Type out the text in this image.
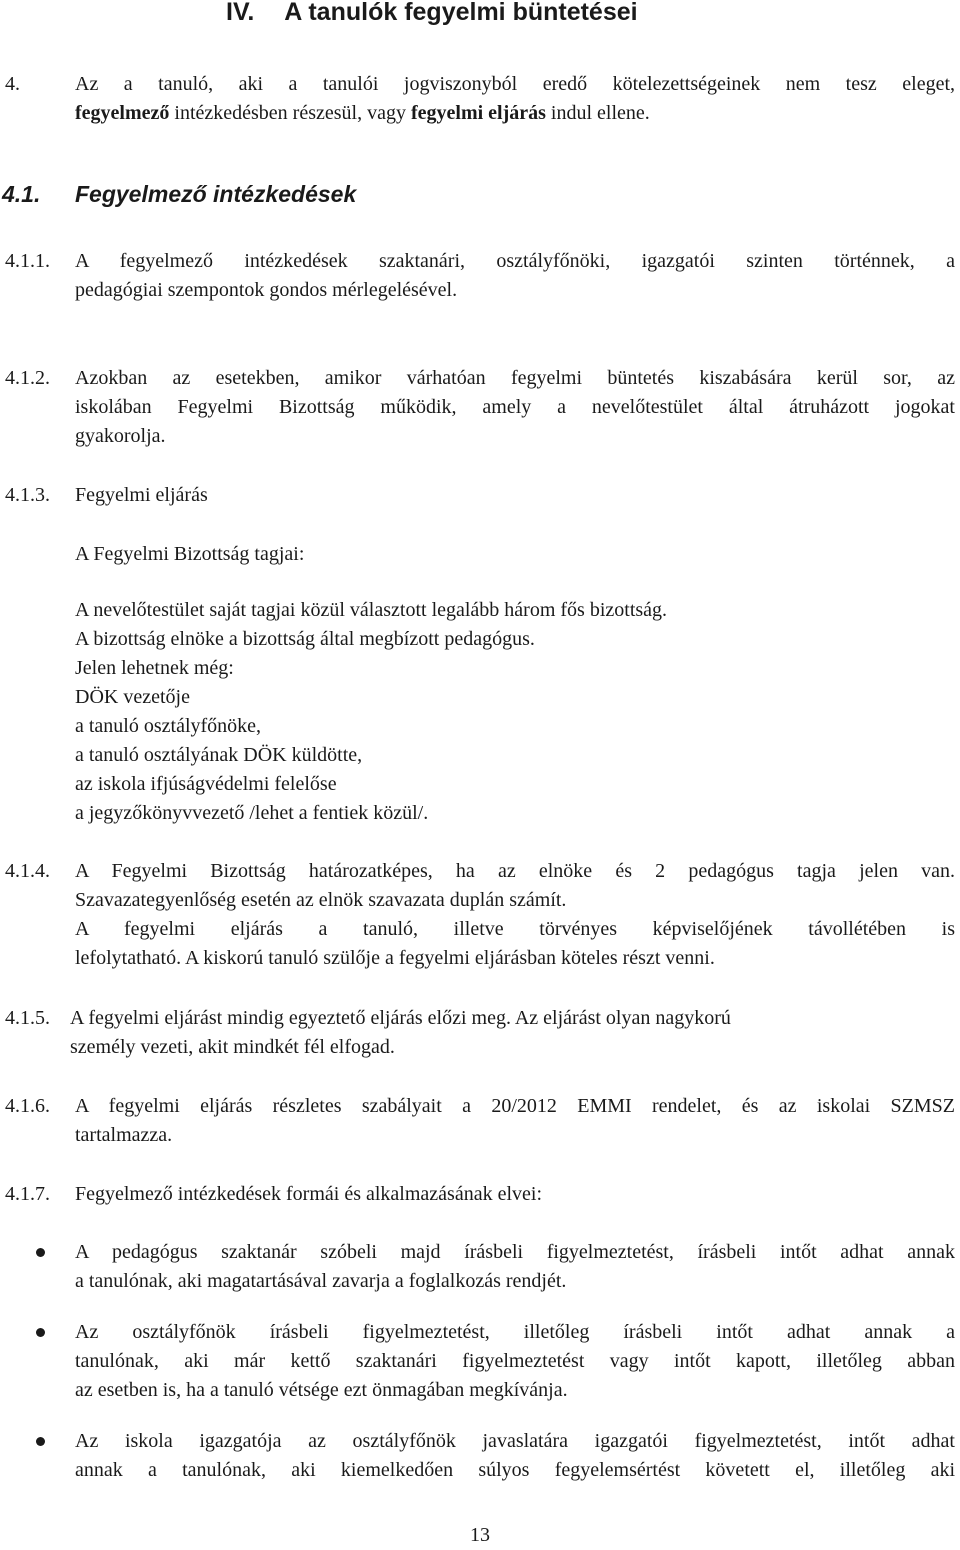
IV. A tanulók fegyelmi büntetései
4.	Az a tanuló, aki a tanulói jogviszonyból eredő kötelezettségeinek nem tesz eleget,
fegyelmező intézkedésben részesül, vagy fegyelmi eljárás indul ellene.
4.1. Fegyelmező intézkedések
4.1.1. A fegyelmező intézkedések szaktanári, osztályfőnöki, igazgatói szinten történnek, a
pedagógiai szempontok gondos mérlegelésével.
4.1.2. Azokban az esetekben, amikor várhatóan fegyelmi büntetés kiszabására kerül sor, az
iskolában Fegyelmi Bizottság működik, amely a nevelőtestület által átruházott jogokat
gyakorolja.
4.1.3. Fegyelmi eljárás
A Fegyelmi Bizottság tagjai:
A nevelőtestület saját tagjai közül választott legalább három fős bizottság.
A bizottság elnöke a bizottság által megbízott pedagógus.
Jelen lehetnek még:
DÖK vezetője
a tanuló osztályfőnöke,
a tanuló osztályának DÖK küldötte,
az iskola ifjúságvédelmi felelőse
a jegyzőkönyvvezető /lehet a fentiek közül/.
4.1.4. A Fegyelmi Bizottság határozatképes, ha az elnöke és 2 pedagógus tagja jelen van.
Szavazategyenlőség esetén az elnök szavazata duplán számít.
A fegyelmi eljárás a tanuló, illetve törvényes képviselőjének távollétében is
lefolytatható. A kiskorú tanuló szülője a fegyelmi eljárásban köteles részt venni.
4.1.5. A fegyelmi eljárást mindig egyeztető eljárás előzi meg. Az eljárást olyan nagykorú
személy vezeti, akit mindkét fél elfogad.
4.1.6. A fegyelmi eljárás részletes szabályait a 20/2012 EMMI rendelet, és az iskolai SZMSZ
tartalmazza.
4.1.7. Fegyelmező intézkedések formái és alkalmazásának elvei:
A pedagógus szaktanár szóbeli majd írásbeli figyelmeztetést, írásbeli intőt adhat annak
a tanulónak, aki magatartásával zavarja a foglalkozás rendjét.
Az osztályfőnök írásbeli figyelmeztetést, illetőleg írásbeli intőt adhat annak a
tanulónak, aki már kettő szaktanári figyelmeztetést vagy intőt kapott, illetőleg abban
az esetben is, ha a tanuló vétsége ezt önmagában megkívánja.
Az iskola igazgatója az osztályfőnök javaslatára igazgatói figyelmeztetést, intőt adhat
annak a tanulónak, aki kiemelkedően súlyos fegyelemsértést követett el, illetőleg aki
13
